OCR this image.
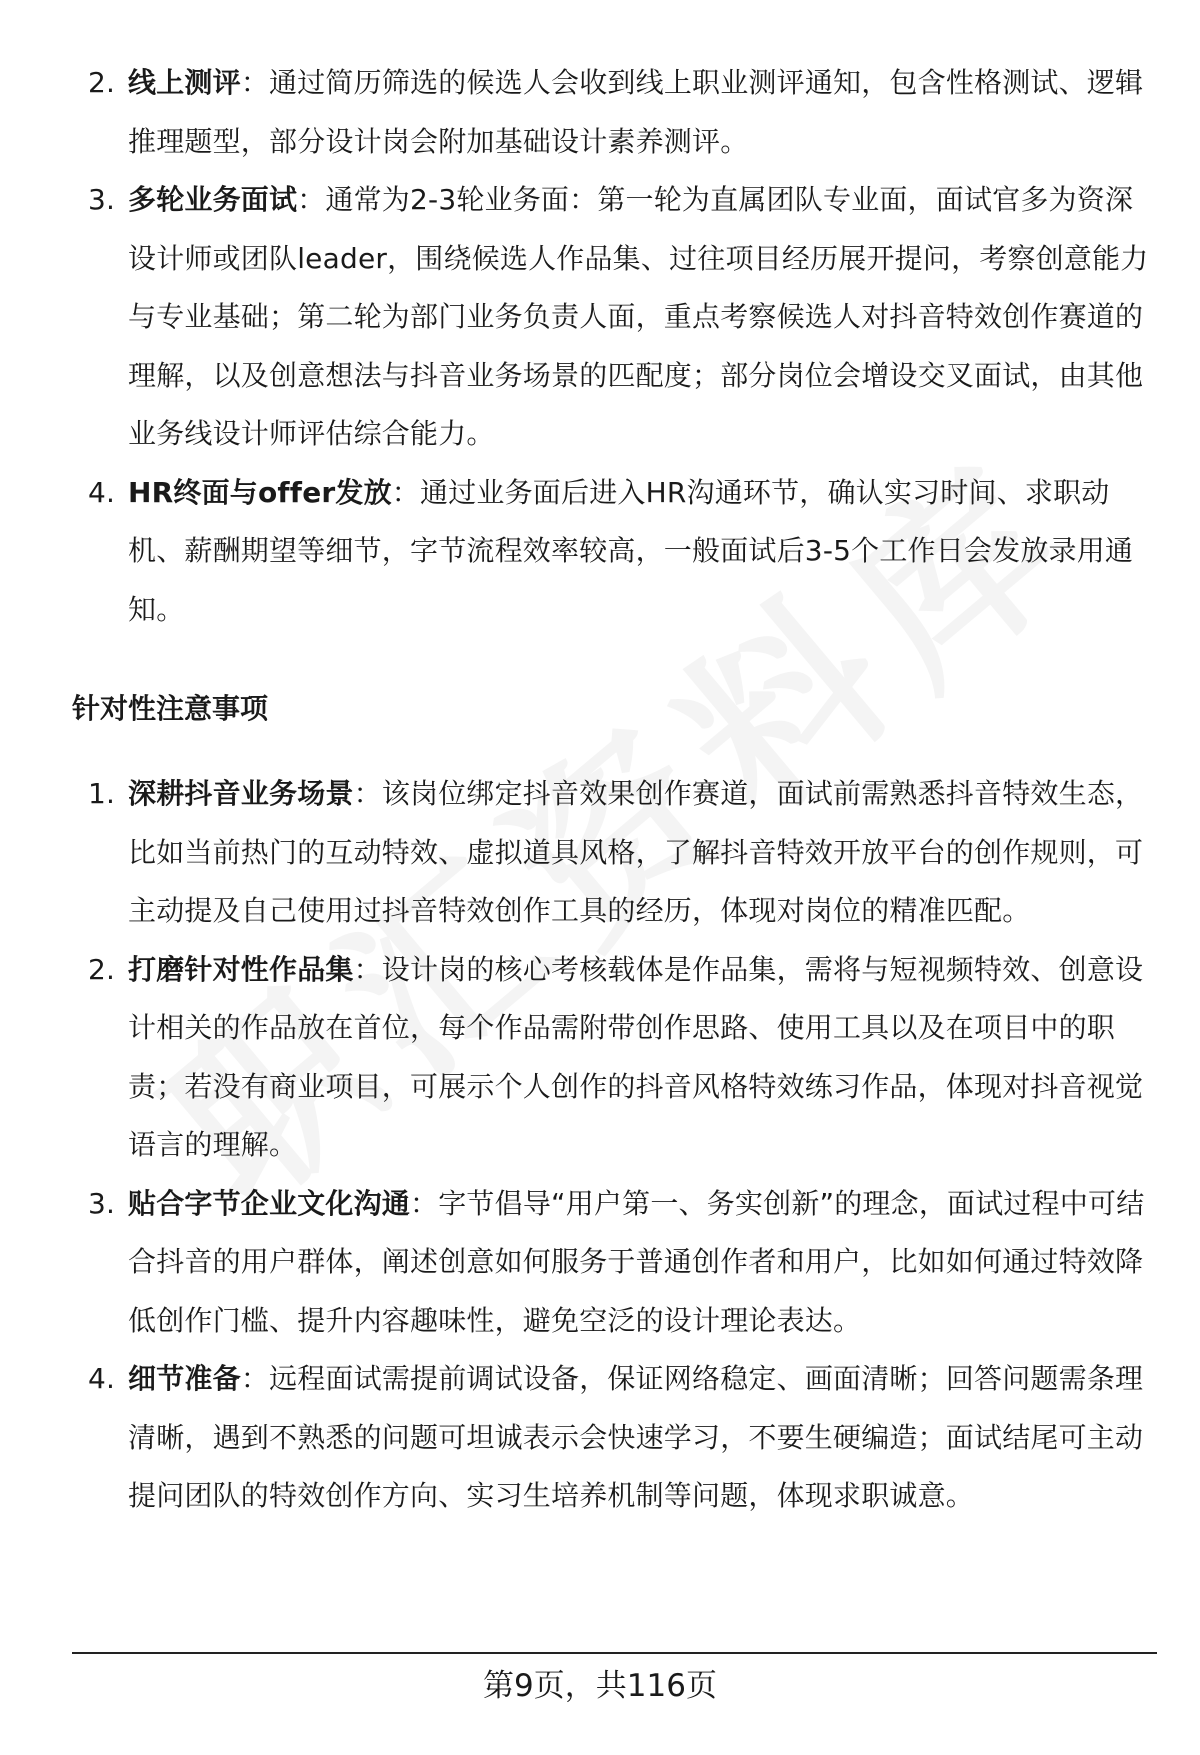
2. 线上测评：通过简历筛选的候选人会收到线上职业测评通知，包含性格测试、逻辑推理题型，部分设计岗会附加基础设计素养测评。
3. 多轮业务面试：通常为2-3轮业务面：第一轮为直属团队专业面，面试官多为资深设计师或团队leader，围绕候选人作品集、过往项目经历展开提问，考察创意能力与专业基础；第二轮为部门业务负责人面，重点考察候选人对抖音特效创作赛道的理解，以及创意想法与抖音业务场景的匹配度；部分岗位会增设交叉面试，由其他业务线设计师评估综合能力。
4. HR终面与offer发放：通过业务面后进入HR沟通环节，确认实习时间、求职动机、薪酬期望等细节，字节流程效率较高，一般面试后3-5个工作日会发放录用通知。
针对性注意事项
1. 深耕抖音业务场景：该岗位绑定抖音效果创作赛道，面试前需熟悉抖音特效生态，比如当前热门的互动特效、虚拟道具风格，了解抖音特效开放平台的创作规则，可主动提及自己使用过抖音特效创作工具的经历，体现对岗位的精准匹配。
2. 打磨针对性作品集：设计岗的核心考核载体是作品集，需将与短视频特效、创意设计相关的作品放在首位，每个作品需附带创作思路、使用工具以及在项目中的职责；若没有商业项目，可展示个人创作的抖音风格特效练习作品，体现对抖音视觉语言的理解。
3. 贴合字节企业文化沟通：字节倡导“用户第一、务实创新”的理念，面试过程中可结合抖音的用户群体，阐述创意如何服务于普通创作者和用户，比如如何通过特效降低创作门槛、提升内容趣味性，避免空泛的设计理论表达。
4. 细节准备：远程面试需提前调试设备，保证网络稳定、画面清晰；回答问题需条理清晰，遇到不熟悉的问题可坦诚表示会快速学习，不要生硬编造；面试结尾可主动提问团队的特效创作方向、实习生培养机制等问题，体现求职诚意。
第9页，共116页
